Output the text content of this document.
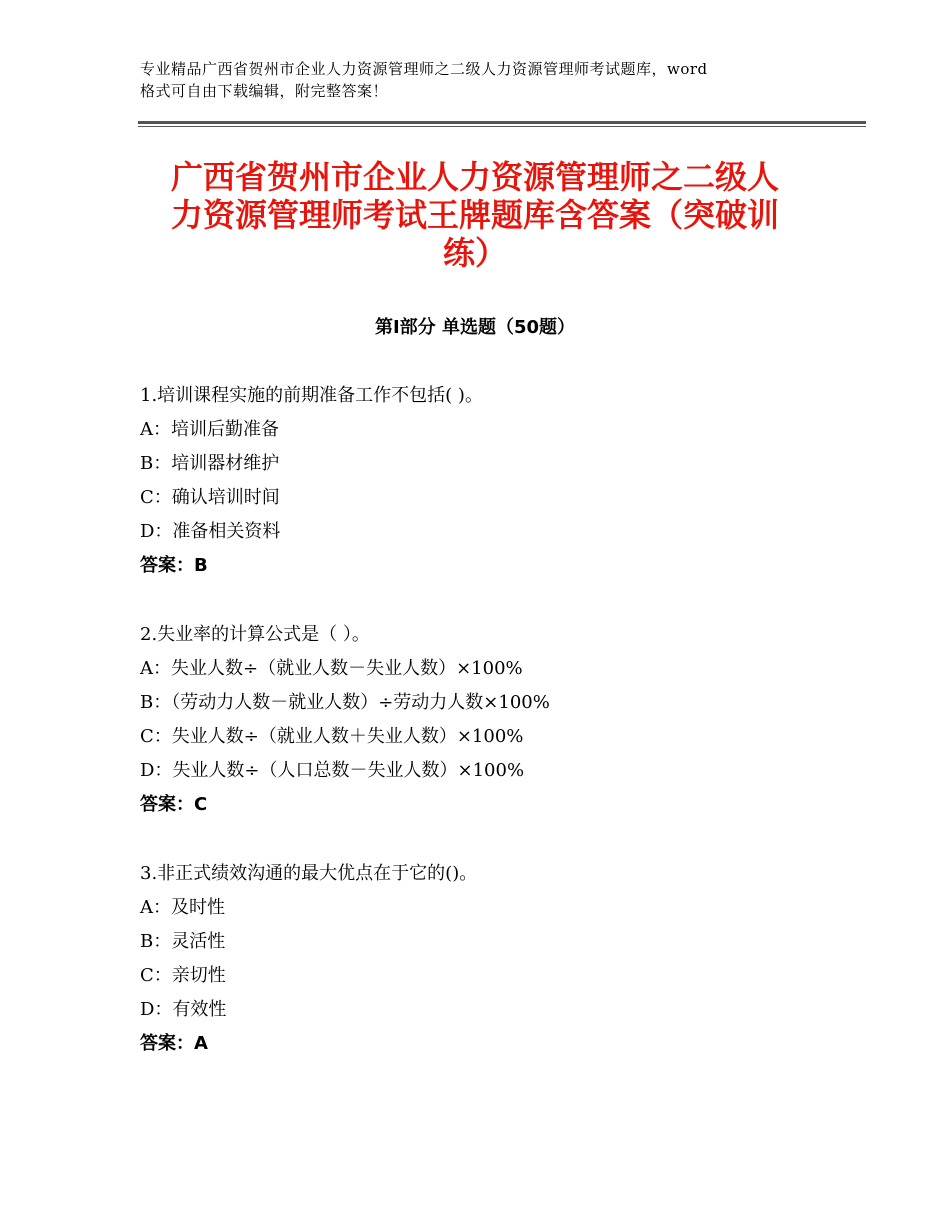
专业精品广西省贺州市企业人力资源管理师之二级人力资源管理师考试题库，word
格式可自由下载编辑，附完整答案！
广西省贺州市企业人力资源管理师之二级人
力资源管理师考试王牌题库含答案（突破训
练）
第Ⅰ部分 单选题（50题）
1.培训课程实施的前期准备工作不包括( )。
A：培训后勤准备
B：培训器材维护
C：确认培训时间
D：准备相关资料
答案：B
2.失业率的计算公式是（ ）。
A：失业人数÷（就业人数－失业人数）×100%
B：（劳动力人数－就业人数）÷劳动力人数×100%
C：失业人数÷（就业人数＋失业人数）×100%
D：失业人数÷（人口总数－失业人数）×100%
答案：C
3.非正式绩效沟通的最大优点在于它的()。
A：及时性
B：灵活性
C：亲切性
D：有效性
答案：A
